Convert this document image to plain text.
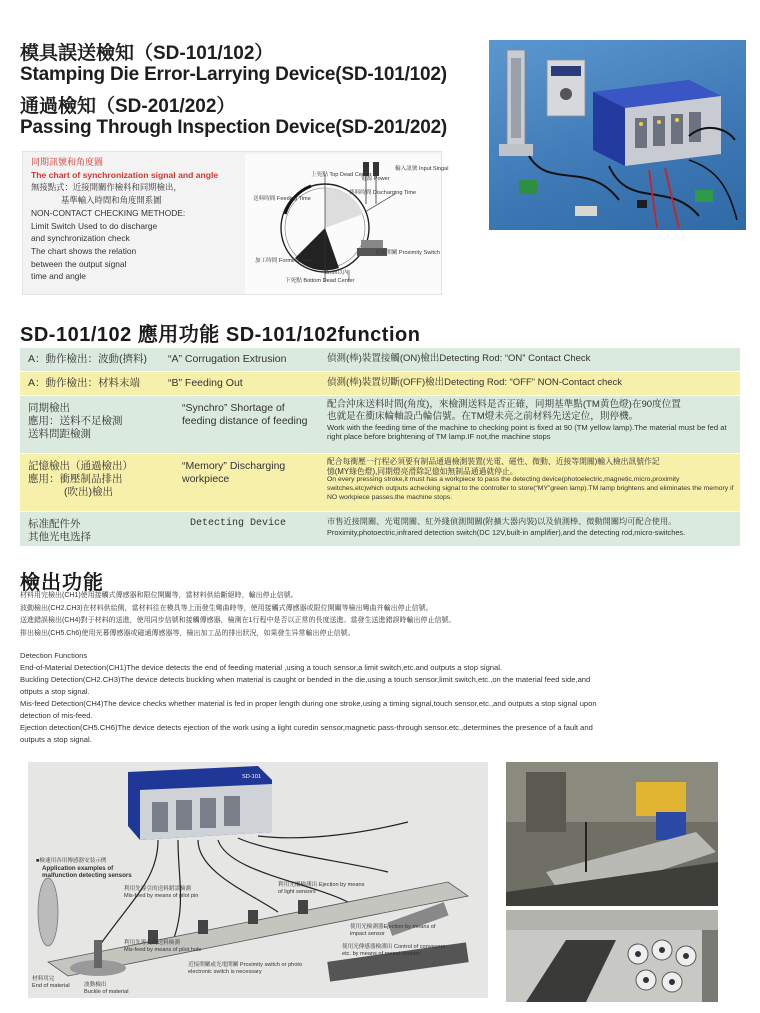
模具誤送檢知（SD-101/102）
Stamping Die Error-Larrying Device(SD-101/102)
通過檢知（SD-201/202）
Passing Through Inspection Device(SD-201/202)
同期訊號和角度圖
The chart of synchronization signal and angle
無接點式：近接開關作檢料和同期檢出，
基準輸入時間和角度開系圖
NON-CONTACT CHECKING METHODE:
Limit Switch Used to do discharge
and synchronization check
The chart shows the relation
between the output signal
time and angle
上死點 Top Dead Center
電源 Power
輸入訊號 Input Singal
排料時間 Discharging Time
送料時間 Feeding Time
近接開關 Proximity Switch
加工時間 Forming Time
2mm以內
下死點 Bottom Dead Center
SD-101/102 應用功能 SD-101/102function
A：動作檢出：波動(擠料) “A” Corrugation Extrusion	偵測(棒)裝置接觸(ON)檢出Detecting Rod: “ON” Contact Check
A：動作檢出：材料末端	“B” Feeding Out	偵測(棒)裝置切斷(OFF)檢出Detecting Rod: “OFF” NON-Contact check
同期檢出
應用：送料不足檢測
送料問距檢測
“Synchro” Shortage of feeding distance of feeding
配合沖床送料时間(角度)，來檢測送料是否正確，同期基準點(TM黄色燈)在90度位置
也就是在衝床輪軸設凸輪信號。在TM燈未亮之前材料先送定位，則停機。
Work with the feeding time of the machine to checking point is fixed at 90 (TM yellow lamp).The material must be fed at right place before brightening of TM lamp.IF not,the machine stops
記憶檢出（通過檢出）
應用：衝壓制品排出
(吹出)檢出
“Memory” Discharging workpiece
配合每衝壓一行程必須要有制品通過檢測裝置(光電、磁性、微動、近接等開關)輸入檢出訊號作記
憶(MY綠色燈),同期燈亮滑除記億如無制品通過就停止。
On every pressing stroke,it must has a workpiece to pass the detecting device(photoelectric,magnetic,micro,proximity switches,etc)which outputs achecking signal to the controller to store(“MY”green lamp).TM lamp brightens and eliminates the memory if NO workpiece passes.the machine stops.
标准配件外
其他光电选择
Detecting Device	市售近接開關、光電開關、紅外綫偵測開關(附擴大器内裝)以及偵測棒、微動開關均可配合使用。
Proximity,photoectric,infrared detection switch(DC 12V,built-in amplifier),and the detecting rod,micro-switches.
檢出功能
材料用完檢出(CH1)使用接觸式傳感器和限位開關等，當材料供給斷絕時，輸出停止信號。
波動檢出(CH2.CH3)在材料供給側，當材料往在模具等上而發生彎曲時等，使用接觸式傳感器或限位開關等檢出彎曲并輸出停止信號。
送進錯誤檢出(CH4)對于材料的送進，使用同步信號和接觸傳感器，檢測在1行程中是否以正常的長度送進。當發生送進錯誤時輸出停止信號。
排出檢出(CH5.Ch6)使用光幕傳感器或磁通傳感器等，檢出加工品的排出狀況，如果發生异常輸出停止信號。
Detection Functions
End-of-Material Detection(CH1)The device detects the end of feeding material ,using a touch sensor,a limit switch,etc.and outputs a stop signal.
Buckling Detection(CH2.CH3)The device detects buckling when material is caught or bended in the die,using a touch sensor,limit switch,etc.,on the material feed side,and
ottputs a stop signal.
Mis-feed Detection(CH4)The device checks whether material is fed in proper length during one stroke,using a timing signal,touch sensor,etc.,and outputs a stop signal upon
detection of mis-feed.
Ejection detection(CH5.CH6)The device detects ejection of the work using a light curedin sensor,magnetic pass-through sensor.etc.,determines the presence of a fault and
outputs a stop signal.
■檢速用各用傳感器安装示例
Application examples of malfunction detecting sensors
利用先導引的送料錯誤檢測
Mis-feed by means of pilot pin
利用光柵檢測出 Ejection by means of light sensors
利用先導孔的送料檢測
Mis-feed by means of pilot hole
使用光檢測器Ejection by means of impact sensor
使用光傳感器檢測出 Control of conveyors etc. by means of preset counter
近接開關或光電開關 Proximity switch or photo electronic switch is necessary
材料用完
End of material	波動檢出
Buckle of material
SD-101
